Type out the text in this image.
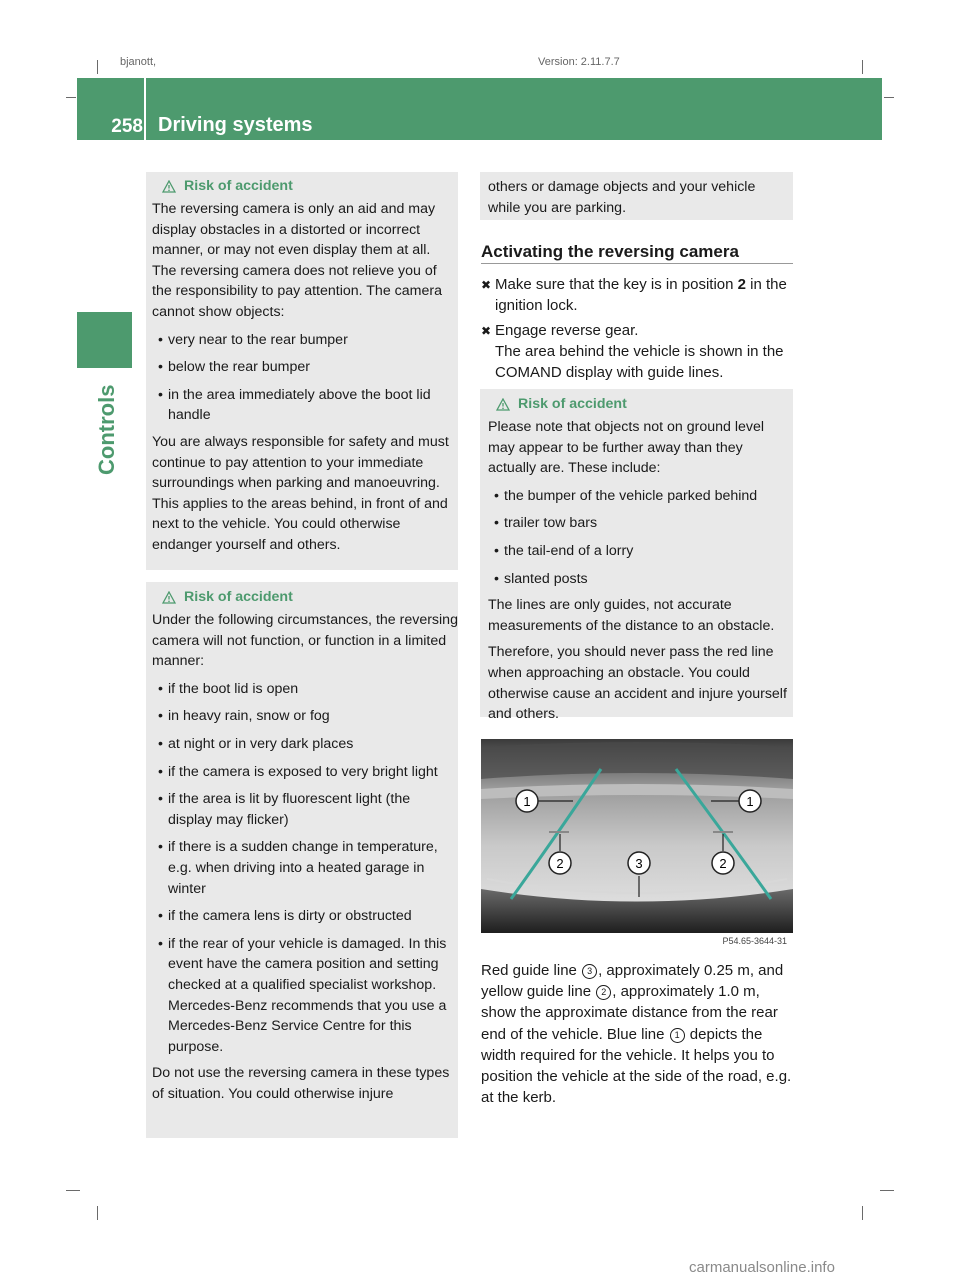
bjanott,	Version: 2.11.7.7
258 Driving systems
Controls
Risk of accident

The reversing camera is only an aid and may display obstacles in a distorted or incorrect manner, or may not even display them at all. The reversing camera does not relieve you of the responsibility to pay attention. The camera cannot show objects:

• very near to the rear bumper
• below the rear bumper
• in the area immediately above the boot lid handle

You are always responsible for safety and must continue to pay attention to your immediate surroundings when parking and manoeuvring. This applies to the areas behind, in front of and next to the vehicle. You could otherwise endanger yourself and others.

Risk of accident

Under the following circumstances, the reversing camera will not function, or function in a limited manner:

• if the boot lid is open
• in heavy rain, snow or fog
• at night or in very dark places
• if the camera is exposed to very bright light
• if the area is lit by fluorescent light (the display may flicker)
• if there is a sudden change in temperature, e.g. when driving into a heated garage in winter
• if the camera lens is dirty or obstructed
• if the rear of your vehicle is damaged. In this event have the camera position and setting checked at a qualified specialist workshop. Mercedes-Benz recommends that you use a Mercedes-Benz Service Centre for this purpose.

Do not use the reversing camera in these types of situation. You could otherwise injure

others or damage objects and your vehicle while you are parking.

Activating the reversing camera
✖ Make sure that the key is in position 2 in the ignition lock.
✖ Engage reverse gear.
The area behind the vehicle is shown in the COMAND display with guide lines.
Risk of accident

Please note that objects not on ground level may appear to be further away than they actually are. These include:

• the bumper of the vehicle parked behind
• trailer tow bars
• the tail-end of a lorry
• slanted posts

The lines are only guides, not accurate measurements of the distance to an obstacle.

Therefore, you should never pass the red line when approaching an obstacle. You could otherwise cause an accident and injure yourself and others.

1	1
2	3	2
P54.65-3644-31
Red guide line 3 , approximately 0.25 m, and yellow guide line 2 , approximately 1.0 m, show the approximate distance from the rear end of the vehicle. Blue line 1 depicts the width required for the vehicle. It helps you to position the vehicle at the side of the road, e.g. at the kerb.
carmanualsonline.info
